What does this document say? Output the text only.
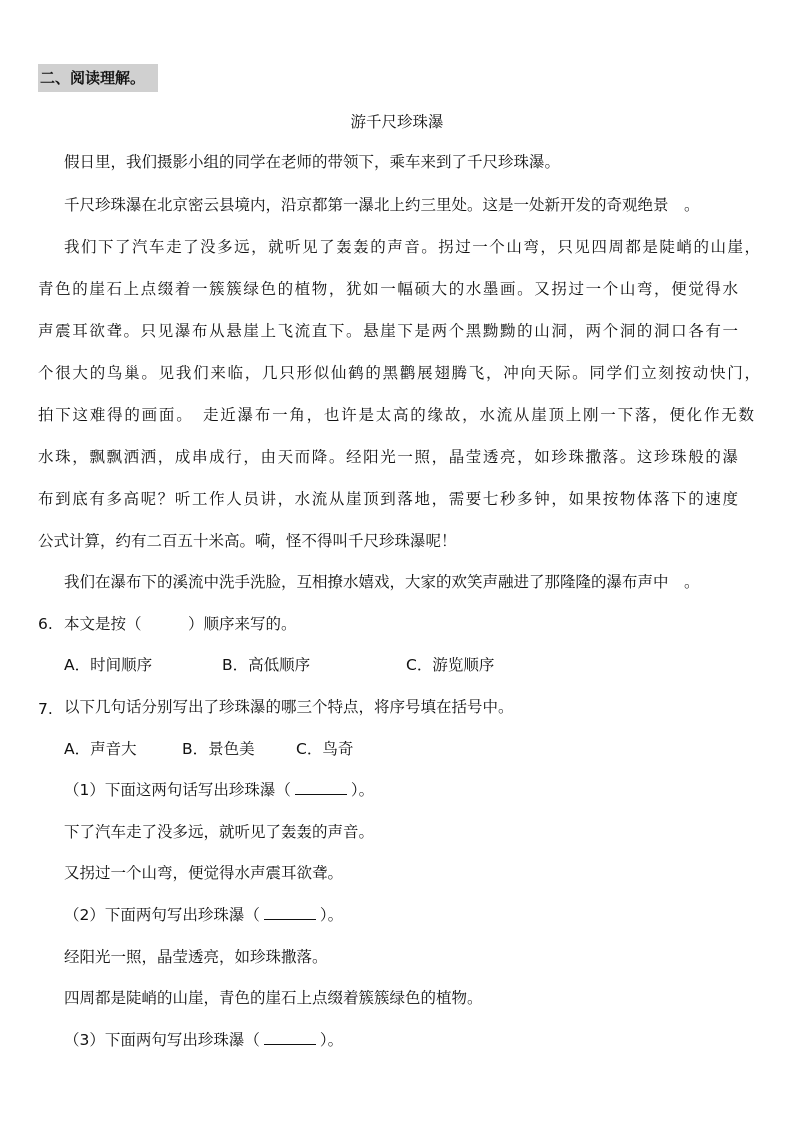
二、阅读理解。
游千尺珍珠瀑
假日里，我们摄影小组的同学在老师的带领下，乘车来到了千尺珍珠瀑。
千尺珍珠瀑在北京密云县境内，沿京都第一瀑北上约三里处。这是一处新开发的奇观绝景　。
我们下了汽车走了没多远，就听见了轰轰的声音。拐过一个山弯，只见四周都是陡峭的山崖，
青色的崖石上点缀着一簇簇绿色的植物，犹如一幅硕大的水墨画。又拐过一个山弯，便觉得水
声震耳欲聋。只见瀑布从悬崖上飞流直下。悬崖下是两个黑黝黝的山洞，两个洞的洞口各有一
个很大的鸟巢。见我们来临，几只形似仙鹤的黑鹳展翅腾飞，冲向天际。同学们立刻按动快门，
拍下这难得的画面。　走近瀑布一角，也许是太高的缘故，水流从崖顶上刚一下落，便化作无数
水珠，飘飘洒洒，成串成行，由天而降。经阳光一照，晶莹透亮，如珍珠撒落。这珍珠般的瀑
布到底有多高呢？听工作人员讲，水流从崖顶到落地，需要七秒多钟，如果按物体落下的速度
公式计算，约有二百五十米高。嗬，怪不得叫千尺珍珠瀑呢！
我们在瀑布下的溪流中洗手洗脸，互相撩水嬉戏，大家的欢笑声融进了那隆隆的瀑布声中　。
6. 本文是按（　　　）顺序来写的。
A．时间顺序	B．高低顺序	C．游览顺序
7. 以下几句话分别写出了珍珠瀑的哪三个特点，将序号填在括号中。
A．声音大	B．景色美	C．鸟奇
（1）下面这两句话写出珍珠瀑（	）。
下了汽车走了没多远，就听见了轰轰的声音。
又拐过一个山弯，便觉得水声震耳欲聋。
（2）下面两句写出珍珠瀑（	）。
经阳光一照，晶莹透亮，如珍珠撒落。
四周都是陡峭的山崖，青色的崖石上点缀着簇簇绿色的植物。
（3）下面两句写出珍珠瀑（	）。
